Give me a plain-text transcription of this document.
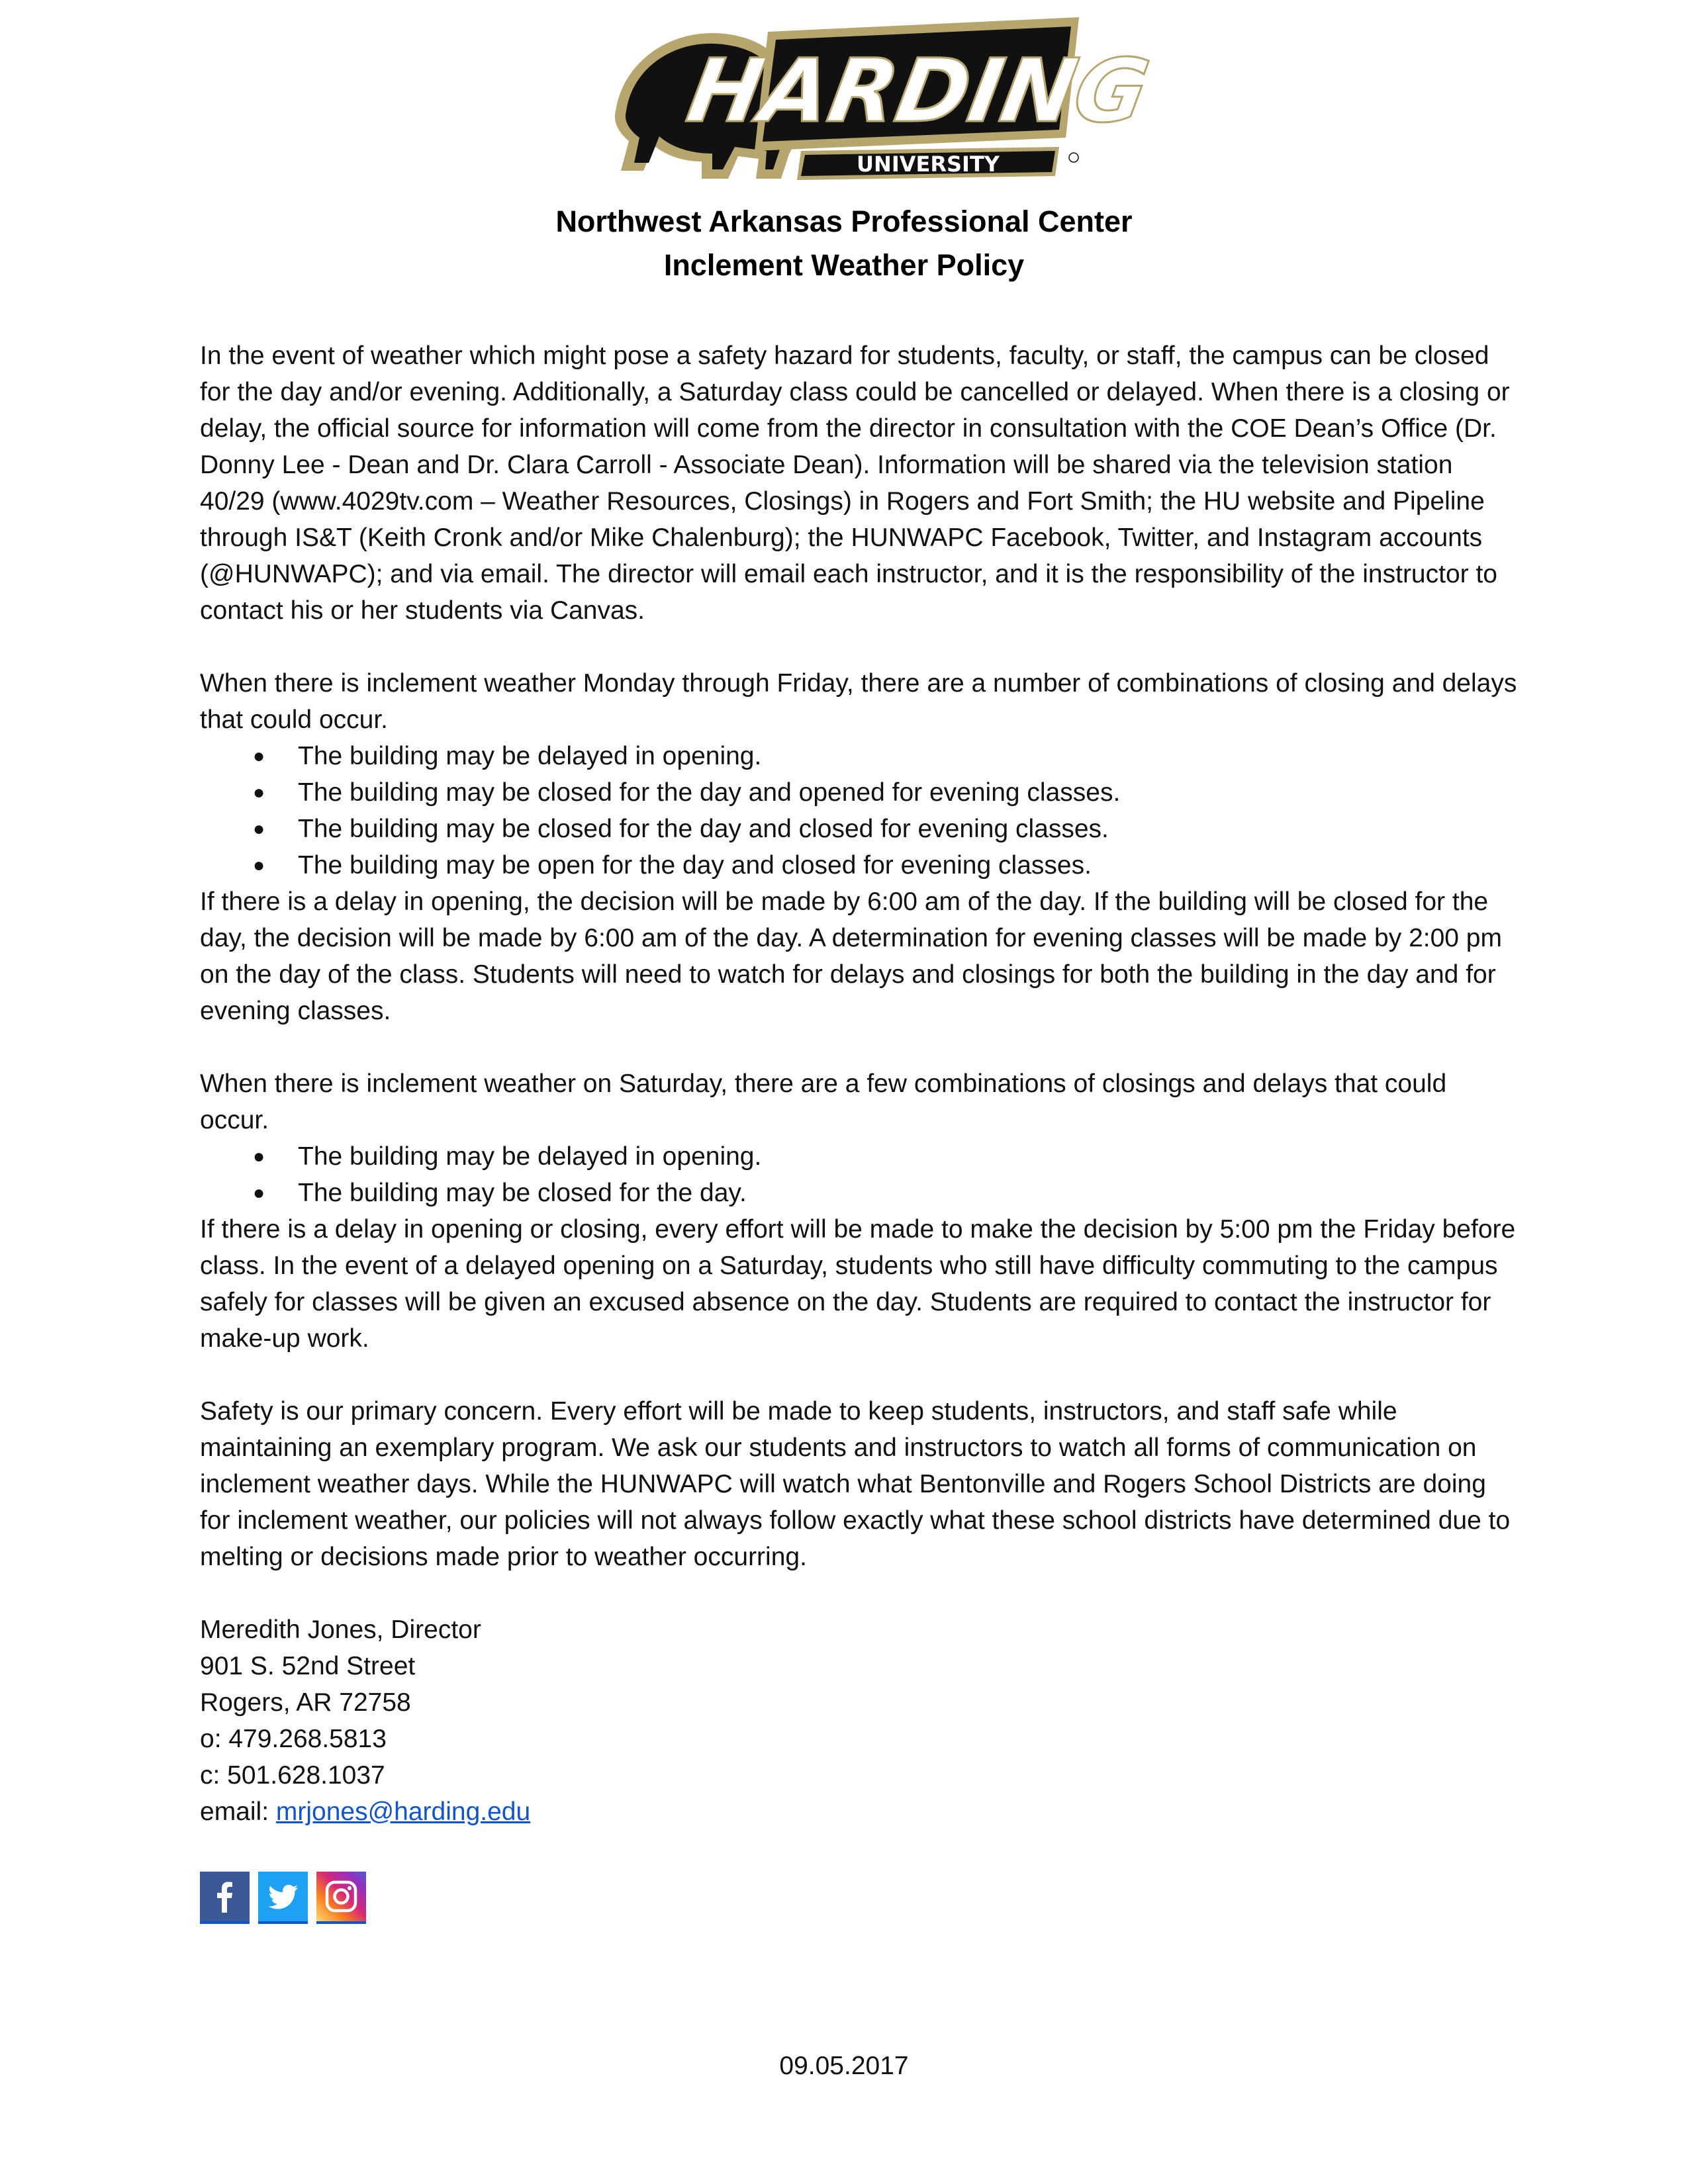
HARDING
UNIVERSITY
Northwest Arkansas Professional Center
Inclement Weather Policy

In the event of weather which might pose a safety hazard for students, faculty, or staff, the campus can be closed for the day and/or evening. Additionally, a Saturday class could be cancelled or delayed. When there is a closing or delay, the official source for information will come from the director in consultation with the COE Dean’s Office (Dr. Donny Lee - Dean and Dr. Clara Carroll - Associate Dean). Information will be shared via the television station 40/29 (www.4029tv.com – Weather Resources, Closings) in Rogers and Fort Smith; the HU website and Pipeline through IS&T (Keith Cronk and/or Mike Chalenburg); the HUNWAPC Facebook, Twitter, and Instagram accounts (@HUNWAPC); and via email. The director will email each instructor, and it is the responsibility of the instructor to contact his or her students via Canvas.

When there is inclement weather Monday through Friday, there are a number of combinations of closing and delays that could occur.

● The building may be delayed in opening.
● The building may be closed for the day and opened for evening classes.
● The building may be closed for the day and closed for evening classes.
● The building may be open for the day and closed for evening classes.

If there is a delay in opening, the decision will be made by 6:00 am of the day. If the building will be closed for the day, the decision will be made by 6:00 am of the day. A determination for evening classes will be made by 2:00 pm on the day of the class. Students will need to watch for delays and closings for both the building in the day and for evening classes.

When there is inclement weather on Saturday, there are a few combinations of closings and delays that could occur.

● The building may be delayed in opening.
● The building may be closed for the day.

If there is a delay in opening or closing, every effort will be made to make the decision by 5:00 pm the Friday before class. In the event of a delayed opening on a Saturday, students who still have difficulty commuting to the campus safely for classes will be given an excused absence on the day. Students are required to contact the instructor for make-up work.

Safety is our primary concern. Every effort will be made to keep students, instructors, and staff safe while maintaining an exemplary program. We ask our students and instructors to watch all forms of communication on inclement weather days. While the HUNWAPC will watch what Bentonville and Rogers School Districts are doing for inclement weather, our policies will not always follow exactly what these school districts have determined due to melting or decisions made prior to weather occurring.

Meredith Jones, Director
901 S. 52nd Street
Rogers, AR 72758
o: 479.268.5813
c: 501.628.1037
email: mrjones@harding.edu
09.05.2017
